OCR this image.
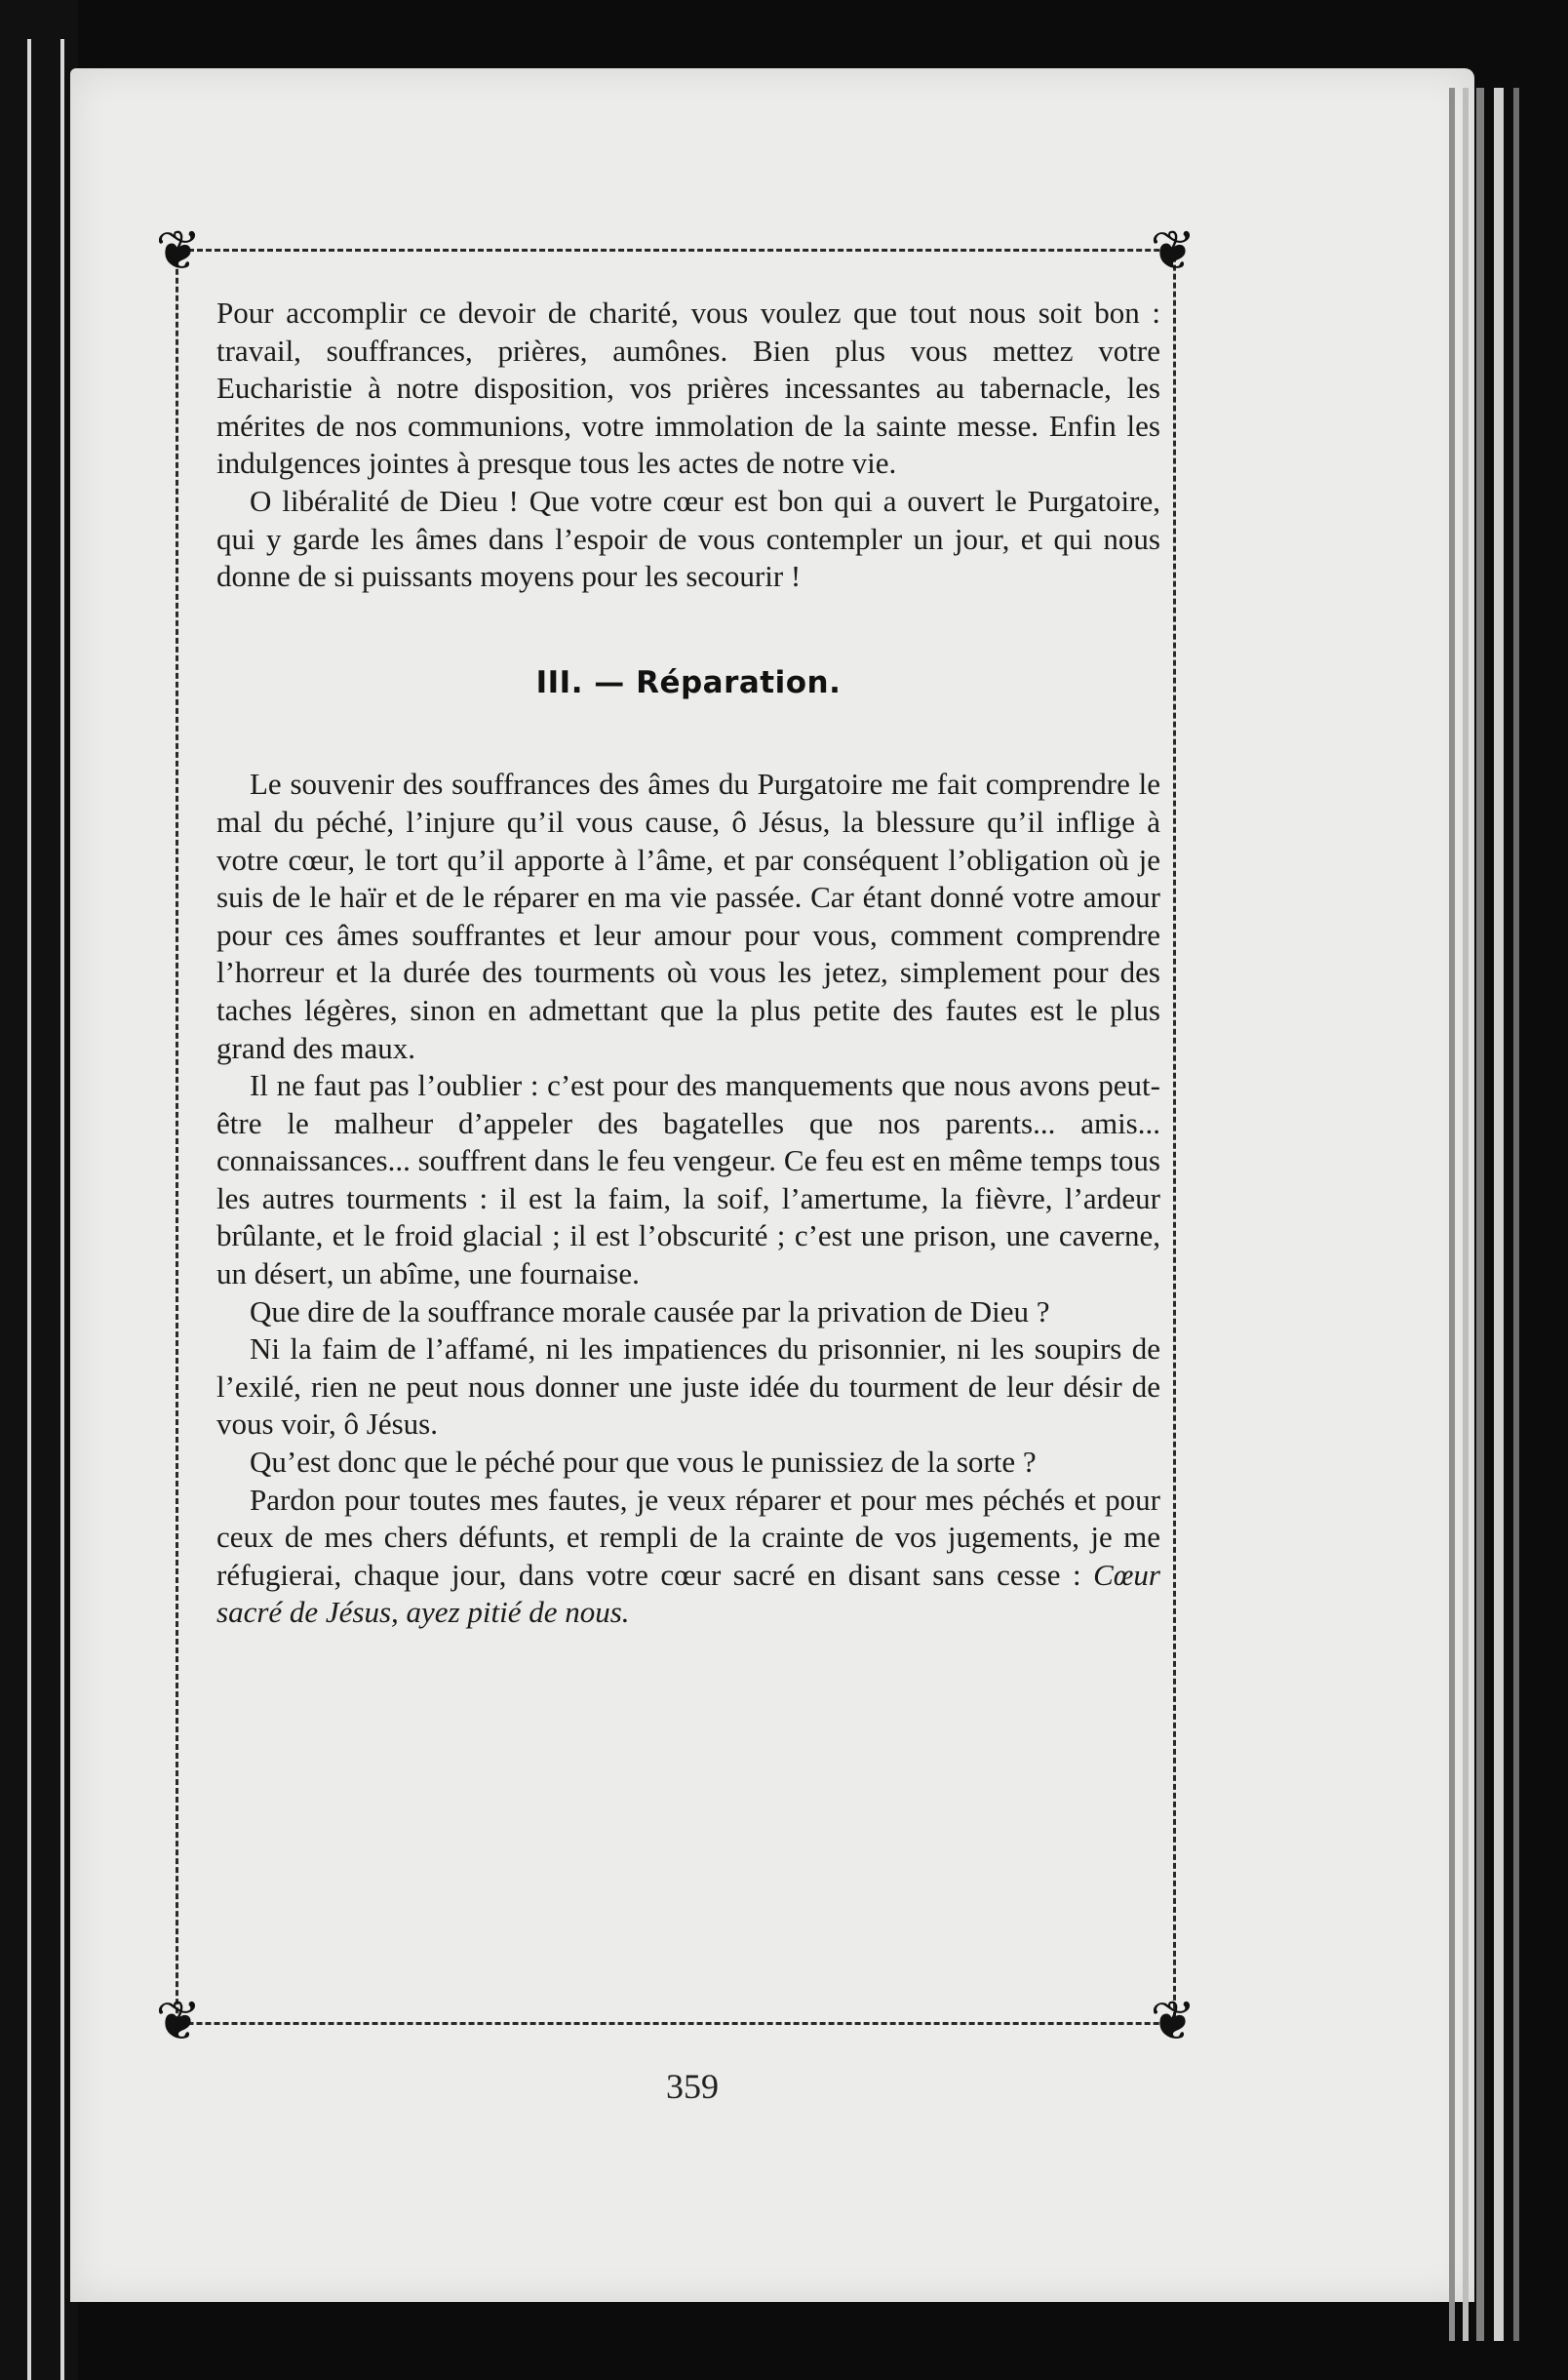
❦	❦
❦	❦

Pour accomplir ce devoir de charité, vous voulez que tout nous soit bon : travail, souffrances, prières, aumônes. Bien plus vous mettez votre Eucharistie à notre disposition, vos prières incessantes au tabernacle, les mérites de nos communions, votre immolation de la sainte messe. Enfin les indulgences jointes à presque tous les actes de notre vie.

O libéralité de Dieu ! Que votre cœur est bon qui a ouvert le Purgatoire, qui y garde les âmes dans l’espoir de vous contempler un jour, et qui nous donne de si puissants moyens pour les secourir !

III. — Réparation.

Le souvenir des souffrances des âmes du Purgatoire me fait comprendre le mal du péché, l’injure qu’il vous cause, ô Jésus, la blessure qu’il inflige à votre cœur, le tort qu’il apporte à l’âme, et par conséquent l’obligation où je suis de le haïr et de le réparer en ma vie passée. Car étant donné votre amour pour ces âmes souffrantes et leur amour pour vous, comment comprendre l’horreur et la durée des tourments où vous les jetez, simplement pour des taches légères, sinon en admettant que la plus petite des fautes est le plus grand des maux.

Il ne faut pas l’oublier : c’est pour des manquements que nous avons peut-être le malheur d’appeler des bagatelles que nos parents... amis... connaissances... souffrent dans le feu vengeur. Ce feu est en même temps tous les autres tourments : il est la faim, la soif, l’amertume, la fièvre, l’ardeur brûlante, et le froid glacial ; il est l’obscurité ; c’est une prison, une caverne, un désert, un abîme, une fournaise.

Que dire de la souffrance morale causée par la privation de Dieu ?

Ni la faim de l’affamé, ni les impatiences du prisonnier, ni les soupirs de l’exilé, rien ne peut nous donner une juste idée du tourment de leur désir de vous voir, ô Jésus.

Qu’est donc que le péché pour que vous le punissiez de la sorte ?

Pardon pour toutes mes fautes, je veux réparer et pour mes péchés et pour ceux de mes chers défunts, et rempli de la crainte de vos jugements, je me réfugierai, chaque jour, dans votre cœur sacré en disant sans cesse : Cœur sacré de Jésus, ayez pitié de nous.

359
